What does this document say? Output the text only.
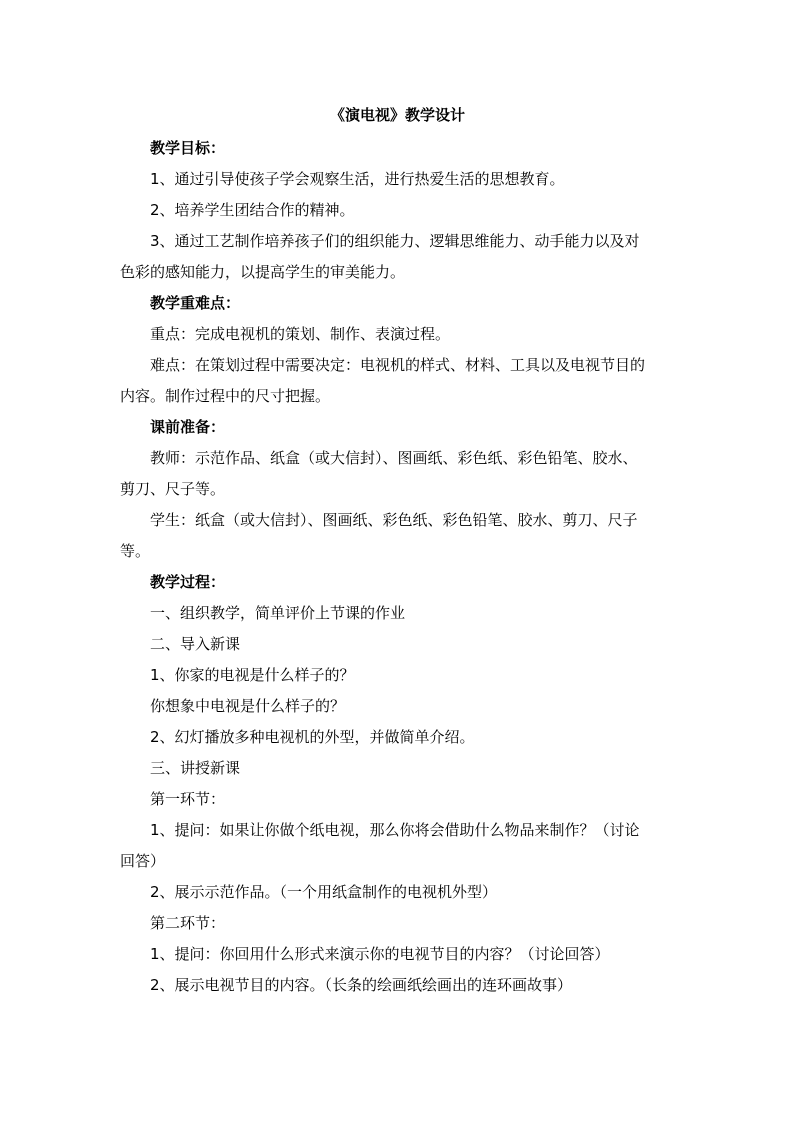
《演电视》教学设计
教学目标：
1、通过引导使孩子学会观察生活，进行热爱生活的思想教育。
2、培养学生团结合作的精神。
3、通过工艺制作培养孩子们的组织能力、逻辑思维能力、动手能力以及对
色彩的感知能力，以提高学生的审美能力。
教学重难点：
重点：完成电视机的策划、制作、表演过程。
难点：在策划过程中需要决定：电视机的样式、材料、工具以及电视节目的
内容。制作过程中的尺寸把握。
课前准备：
教师：示范作品、纸盒（或大信封）、图画纸、彩色纸、彩色铅笔、胶水、
剪刀、尺子等。
学生：纸盒（或大信封）、图画纸、彩色纸、彩色铅笔、胶水、剪刀、尺子
等。
教学过程：
一、组织教学，简单评价上节课的作业
二、导入新课
1、你家的电视是什么样子的？
你想象中电视是什么样子的？
2、幻灯播放多种电视机的外型，并做简单介绍。
三、讲授新课
第一环节：
1、提问：如果让你做个纸电视，那么你将会借助什么物品来制作？（讨论
回答）
2、展示示范作品。（一个用纸盒制作的电视机外型）
第二环节：
1、提问：你回用什么形式来演示你的电视节目的内容？（讨论回答）
2、展示电视节目的内容。（长条的绘画纸绘画出的连环画故事）
